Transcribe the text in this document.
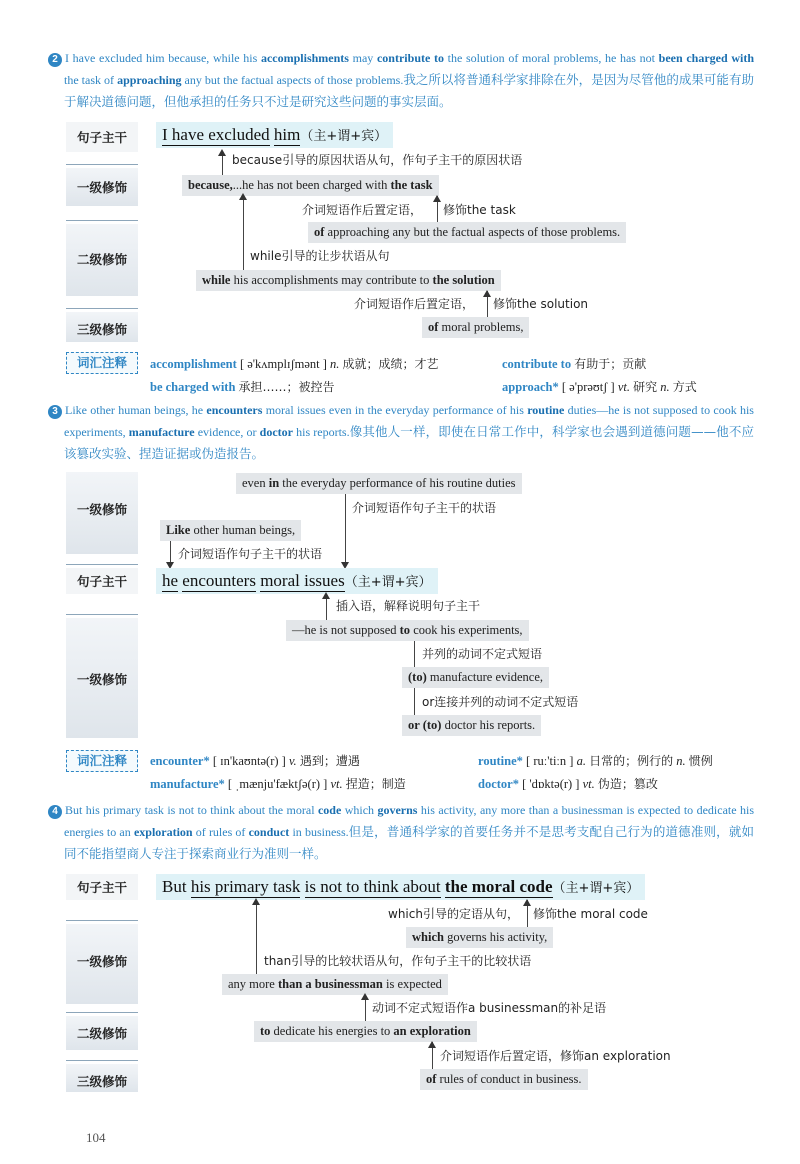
2 I have excluded him because, while his accomplishments may contribute to the solution of moral problems, he has not been charged with the task of approaching any but the factual aspects of those problems.我之所以将普通科学家排除在外，是因为尽管他的成果可能有助于解决道德问题，但他承担的任务只不过是研究这些问题的事实层面。
句子主干
一级修饰
二级修饰
三级修饰
I have excluded him（主+谓+宾）
because引导的原因状语从句，作句子主干的原因状语
because,...he has not been charged with the task
介词短语作后置定语， 修饰the task
of approaching any but the factual aspects of those problems.
while引导的让步状语从句
while his accomplishments may contribute to the solution
介词短语作后置定语， 修饰the solution
of moral problems,
词汇注释	accomplishment [ ə'kʌmplɪʃmənt ] n. 成就；成绩；才艺	contribute to 有助于；贡献
be charged with 承担……；被控告	approach* [ ə'prəʊtʃ ] vt. 研究 n. 方式
3 Like other human beings, he encounters moral issues even in the everyday performance of his routine duties—he is not supposed to cook his experiments, manufacture evidence, or doctor his reports.像其他人一样，即使在日常工作中，科学家也会遇到道德问题——他不应该篡改实验、捏造证据或伪造报告。
一级修饰
句子主干
一级修饰
even in the everyday performance of his routine duties
介词短语作句子主干的状语
Like other human beings,
介词短语作句子主干的状语
he encounters moral issues（主+谓+宾）
插入语，解释说明句子主干
—he is not supposed to cook his experiments,
并列的动词不定式短语
(to) manufacture evidence,
or连接并列的动词不定式短语
or (to) doctor his reports.
词汇注释	encounter* [ ɪn'kaʊntə(r) ] v. 遇到；遭遇	routine* [ ruː'tiːn ] a. 日常的；例行的 n. 惯例
manufacture* [ ˌmænju'fæktʃə(r) ] vt. 捏造；制造	doctor* [ 'dɒktə(r) ] vt. 伪造；篡改
4 But his primary task is not to think about the moral code which governs his activity, any more than a businessman is expected to dedicate his energies to an exploration of rules of conduct in business.但是，普通科学家的首要任务并不是思考支配自己行为的道德准则，就如同不能指望商人专注于探索商业行为准则一样。
句子主干
一级修饰
二级修饰
三级修饰
But his primary task is not to think about the moral code（主+谓+宾）
which引导的定语从句， 修饰the moral code
which governs his activity,
than引导的比较状语从句，作句子主干的比较状语
any more than a businessman is expected
动词不定式短语作a businessman的补足语
to dedicate his energies to an exploration
介词短语作后置定语，修饰an exploration
of rules of conduct in business.
104
